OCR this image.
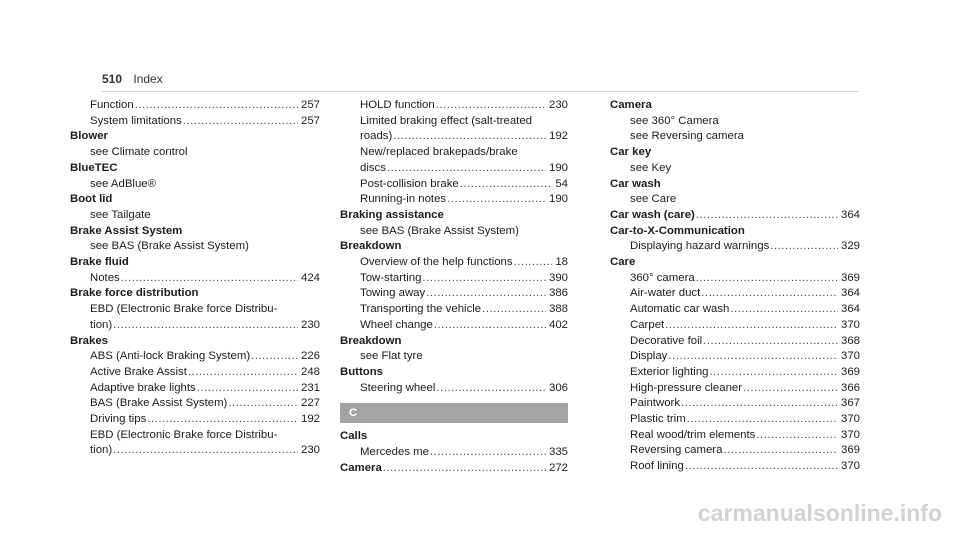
510 Index
Function .....	257
System limitations .....	257
Blower
see Climate control
BlueTEC
see AdBlue®
Boot lid
see Tailgate
Brake Assist System
see BAS (Brake Assist System)
Brake fluid
Notes .....	424
Brake force distribution
EBD (Electronic Brake force Distribu-
tion) .....	230
Brakes
ABS (Anti-lock Braking System) .....	226
Active Brake Assist .....	248
Adaptive brake lights .....	231
BAS (Brake Assist System) .....	227
Driving tips .....	192
EBD (Electronic Brake force Distribu-
tion) .....	230
HOLD function .....	230
Limited braking effect (salt-treated
roads) .....	192
New/replaced brakepads/brake
discs .....	190
Post-collision brake .....	54
Running-in notes .....	190
Braking assistance
see BAS (Brake Assist System)
Breakdown
Overview of the help functions .....	18
Tow-starting .....	390
Towing away .....	386
Transporting the vehicle .....	388
Wheel change .....	402
Breakdown
see Flat tyre
Buttons
Steering wheel .....	306
C
Calls
Mercedes me .....	335
Camera .....	272
Camera
see 360° Camera
see Reversing camera
Car key
see Key
Car wash
see Care
Car wash (care) .....	364
Car-to-X-Communication
Displaying hazard warnings .....	329
Care
360° camera .....	369
Air-water duct .....	364
Automatic car wash .....	364
Carpet .....	370
Decorative foil .....	368
Display .....	370
Exterior lighting .....	369
High-pressure cleaner .....	366
Paintwork .....	367
Plastic trim .....	370
Real wood/trim elements .....	370
Reversing camera .....	369
Roof lining .....	370
carmanualsonline.info
